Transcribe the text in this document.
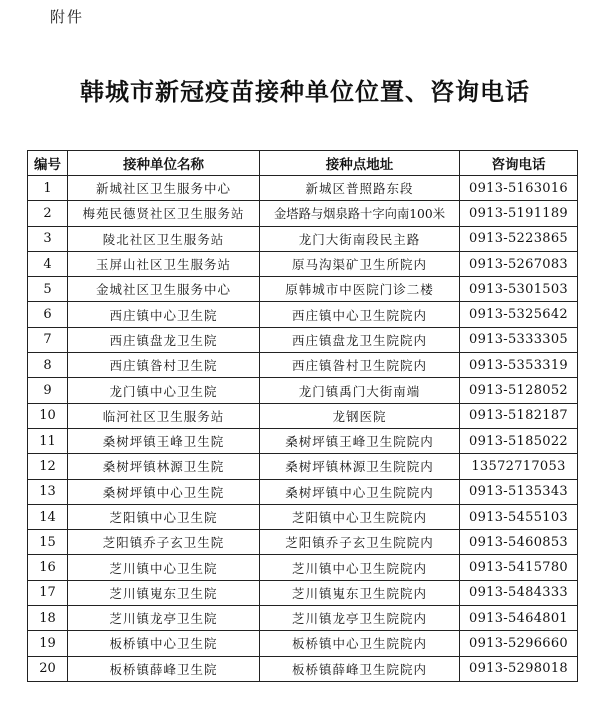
附件
韩城市新冠疫苗接种单位位置、咨询电话
编号	接种单位名称	接种点地址	咨询电话
1	新城社区卫生服务中心	新城区普照路东段	0913-5163016
2	梅苑民德贤社区卫生服务站	金塔路与烟泉路十字向南100米	0913-5191189
3	陵北社区卫生服务站	龙门大街南段民主路	0913-5223865
4	玉屏山社区卫生服务站	原马沟渠矿卫生所院内	0913-5267083
5	金城社区卫生服务中心	原韩城市中医院门诊二楼	0913-5301503
6	西庄镇中心卫生院	西庄镇中心卫生院院内	0913-5325642
7	西庄镇盘龙卫生院	西庄镇盘龙卫生院院内	0913-5333305
8	西庄镇昝村卫生院	西庄镇昝村卫生院院内	0913-5353319
9	龙门镇中心卫生院	龙门镇禹门大街南端	0913-5128052
10	临河社区卫生服务站	龙钢医院	0913-5182187
11	桑树坪镇王峰卫生院	桑树坪镇王峰卫生院院内	0913-5185022
12	桑树坪镇林源卫生院	桑树坪镇林源卫生院院内	13572717053
13	桑树坪镇中心卫生院	桑树坪镇中心卫生院院内	0913-5135343
14	芝阳镇中心卫生院	芝阳镇中心卫生院院内	0913-5455103
15	芝阳镇乔子玄卫生院	芝阳镇乔子玄卫生院院内	0913-5460853
16	芝川镇中心卫生院	芝川镇中心卫生院院内	0913-5415780
17	芝川镇嵬东卫生院	芝川镇嵬东卫生院院内	0913-5484333
18	芝川镇龙亭卫生院	芝川镇龙亭卫生院院内	0913-5464801
19	板桥镇中心卫生院	板桥镇中心卫生院院内	0913-5296660
20	板桥镇薛峰卫生院	板桥镇薛峰卫生院院内	0913-5298018
